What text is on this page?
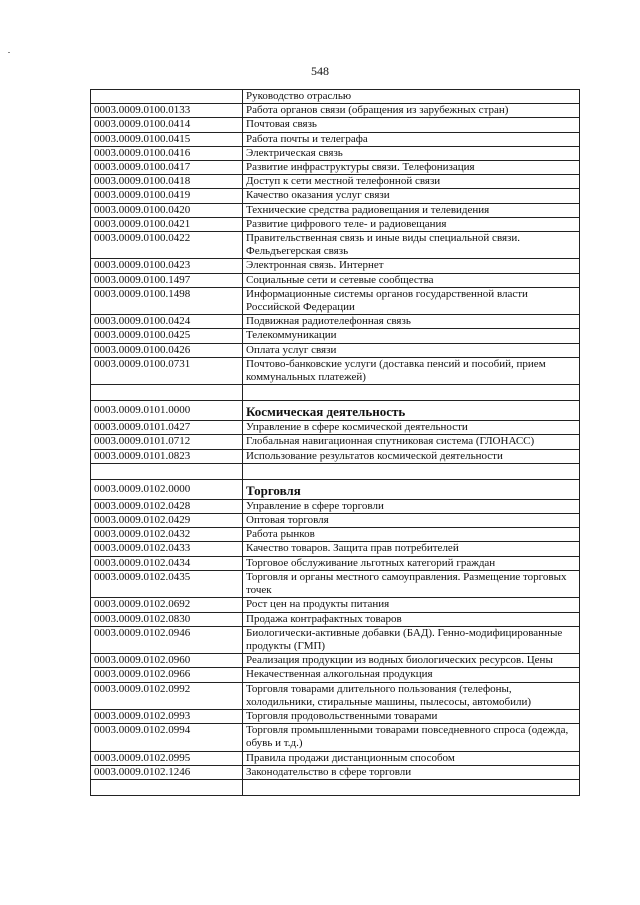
548
	Руководство отраслью
0003.0009.0100.0133	Работа органов связи (обращения из зарубежных стран)
0003.0009.0100.0414	Почтовая связь
0003.0009.0100.0415	Работа почты и телеграфа
0003.0009.0100.0416	Электрическая связь
0003.0009.0100.0417	Развитие инфраструктуры связи. Телефонизация
0003.0009.0100.0418	Доступ к сети местной телефонной связи
0003.0009.0100.0419	Качество оказания услуг связи
0003.0009.0100.0420	Технические средства радиовещания и телевидения
0003.0009.0100.0421	Развитие цифрового теле- и радиовещания
0003.0009.0100.0422	Правительственная связь и иные виды специальной связи. Фельдъегерская связь
0003.0009.0100.0423	Электронная связь. Интернет
0003.0009.0100.1497	Социальные сети и сетевые сообщества
0003.0009.0100.1498	Информационные системы органов государственной власти Российской Федерации
0003.0009.0100.0424	Подвижная радиотелефонная связь
0003.0009.0100.0425	Телекоммуникации
0003.0009.0100.0426	Оплата услуг связи
0003.0009.0100.0731	Почтово-банковские услуги (доставка пенсий и пособий, прием коммунальных платежей)

0003.0009.0101.0000	Космическая деятельность
0003.0009.0101.0427	Управление в сфере космической деятельности
0003.0009.0101.0712	Глобальная навигационная спутниковая система (ГЛОНАСС)
0003.0009.0101.0823	Использование результатов космической деятельности

0003.0009.0102.0000	Торговля
0003.0009.0102.0428	Управление в сфере торговли
0003.0009.0102.0429	Оптовая торговля
0003.0009.0102.0432	Работа рынков
0003.0009.0102.0433	Качество товаров. Защита прав потребителей
0003.0009.0102.0434	Торговое обслуживание льготных категорий граждан
0003.0009.0102.0435	Торговля и органы местного самоуправления. Размещение торговых точек
0003.0009.0102.0692	Рост цен на продукты питания
0003.0009.0102.0830	Продажа контрафактных товаров
0003.0009.0102.0946	Биологически-активные добавки (БАД). Генно-модифицированные продукты (ГМП)
0003.0009.0102.0960	Реализация продукции из водных биологических ресурсов. Цены
0003.0009.0102.0966	Некачественная алкогольная продукция
0003.0009.0102.0992	Торговля товарами длительного пользования (телефоны, холодильники, стиральные машины, пылесосы, автомобили)
0003.0009.0102.0993	Торговля продовольственными товарами
0003.0009.0102.0994	Торговля промышленными товарами повседневного спроса (одежда, обувь и т.д.)
0003.0009.0102.0995	Правила продажи дистанционным способом
0003.0009.0102.1246	Законодательство в сфере торговли
